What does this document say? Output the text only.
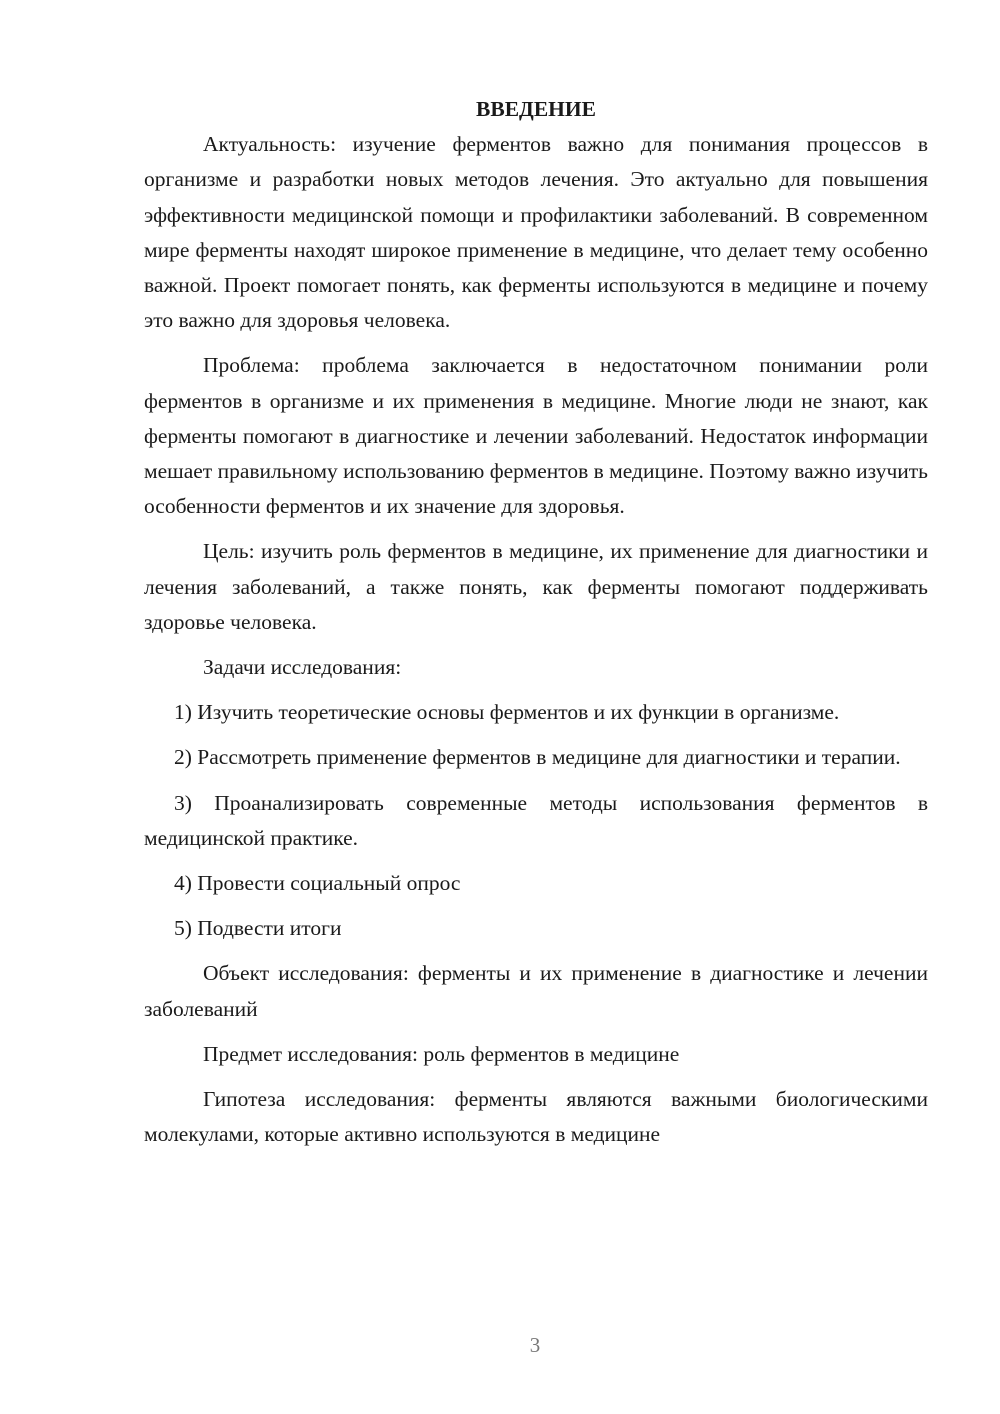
ВВЕДЕНИЕ

Актуальность: изучение ферментов важно для понимания процессов в организме и разработки новых методов лечения. Это актуально для повышения эффективности медицинской помощи и профилактики заболеваний. В современном мире ферменты находят широкое применение в медицине, что делает тему особенно важной. Проект помогает понять, как ферменты используются в медицине и почему это важно для здоровья человека.

Проблема: проблема заключается в недостаточном понимании роли ферментов в организме и их применения в медицине. Многие люди не знают, как ферменты помогают в диагностике и лечении заболеваний. Недостаток информации мешает правильному использованию ферментов в медицине. Поэтому важно изучить особенности ферментов и их значение для здоровья.

Цель: изучить роль ферментов в медицине, их применение для диагностики и лечения заболеваний, а также понять, как ферменты помогают поддерживать здоровье человека.

Задачи исследования:

1) Изучить теоретические основы ферментов и их функции в организме.

2) Рассмотреть применение ферментов в медицине для диагностики и терапии.

3) Проанализировать современные методы использования ферментов в медицинской практике.

4) Провести социальный опрос

5) Подвести итоги

Объект исследования: ферменты и их применение в диагностике и лечении заболеваний

Предмет исследования: роль ферментов в медицине

Гипотеза исследования: ферменты являются важными биологическими молекулами, которые активно используются в медицине

3
